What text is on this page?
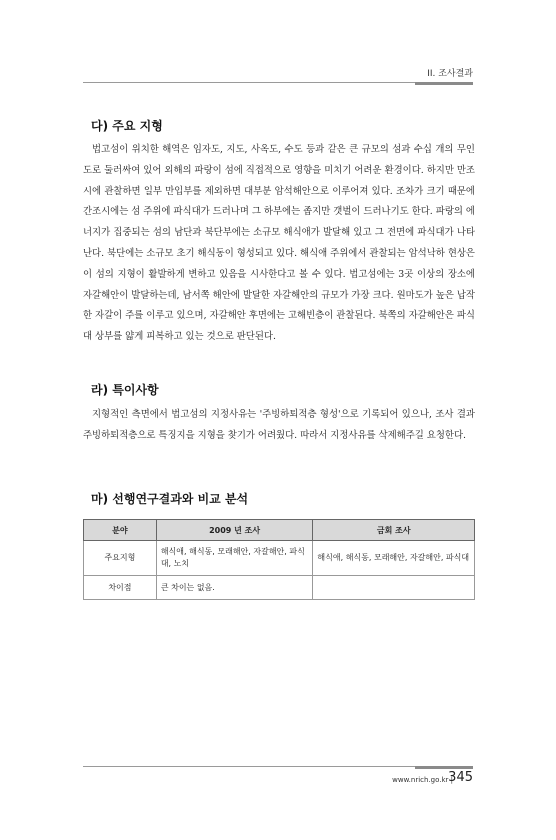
II. 조사결과
다) 주요 지형

법고섬이 위치한 해역은 임자도, 지도, 사옥도, 수도 등과 같은 큰 규모의 섬과 수십 개의 무인도로 둘러싸여 있어 외해의 파랑이 섬에 직접적으로 영향을 미치기 어려운 환경이다. 하지만 만조시에 관찰하면 일부 만입부를 제외하면 대부분 암석해안으로 이루어져 있다. 조차가 크기 때문에 간조시에는 섬 주위에 파식대가 드러나며 그 하부에는 좁지만 갯벌이 드러나기도 한다. 파랑의 에너지가 집중되는 섬의 남단과 북단부에는 소규모 해식애가 발달해 있고 그 전면에 파식대가 나타난다. 북단에는 소규모 초기 해식동이 형성되고 있다. 해식애 주위에서 관찰되는 암석낙하 현상은 이 섬의 지형이 활발하게 변하고 있음을 시사한다고 볼 수 있다. 법고섬에는 3곳 이상의 장소에 자갈해안이 발달하는데, 남서쪽 해안에 발달한 자갈해안의 규모가 가장 크다. 원마도가 높은 납작한 자갈이 주를 이루고 있으며, 자갈해안 후면에는 고해빈층이 관찰된다. 북쪽의 자갈해안은 파식대 상부를 얇게 피복하고 있는 것으로 판단된다.

라) 특이사항

지형적인 측면에서 법고섬의 지정사유는 '주빙하퇴적층 형성'으로 기록되어 있으나, 조사 결과 주빙하퇴적층으로 특징지을 지형을 찾기가 어려웠다. 따라서 지정사유를 삭제해주길 요청한다.

마) 선행연구결과와 비교 분석
분야	2009 년 조사	금회 조사
주요지형	해식애, 해식동, 모래해안, 자갈해안, 파식대, 노치	해식애, 해식동, 모래해안, 자갈해안, 파식대
차이점	큰 차이는 없음.	
www.nrich.go.kr |
345
